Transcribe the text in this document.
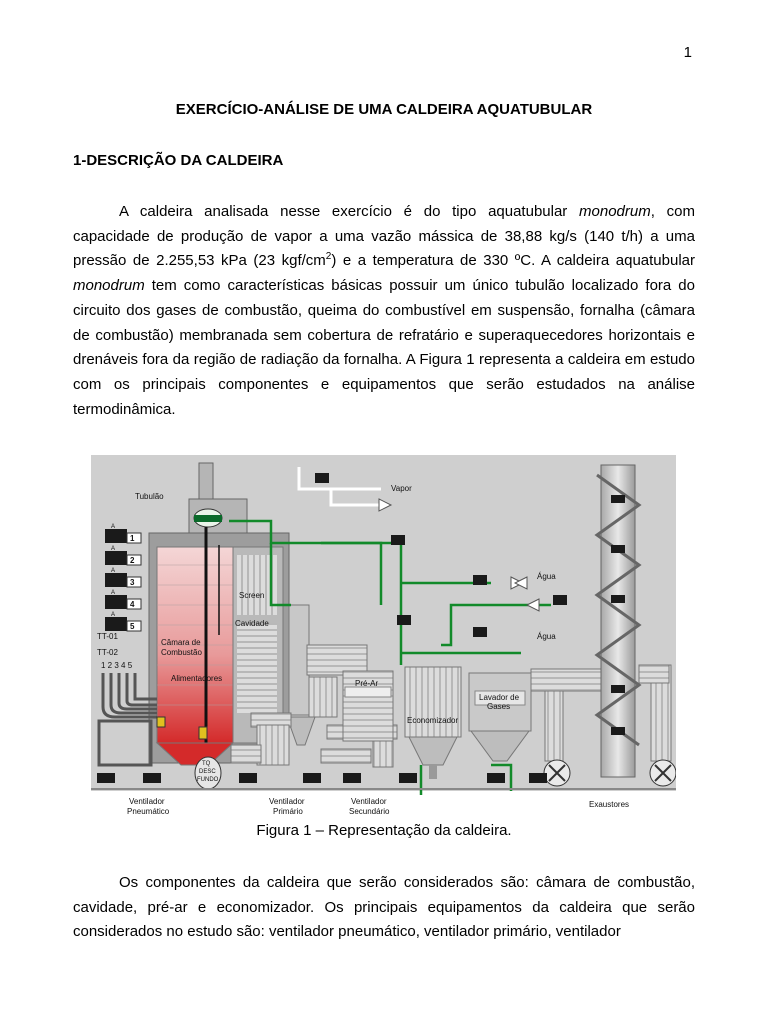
1
EXERCÍCIO-ANÁLISE DE UMA CALDEIRA AQUATUBULAR
1-DESCRIÇÃO DA CALDEIRA
A caldeira analisada nesse exercício é do tipo aquatubular monodrum, com capacidade de produção de vapor a uma vazão mássica de 38,88 kg/s (140 t/h) a uma pressão de 2.255,53 kPa (23 kgf/$cm^2$) e a temperatura de 330 ºC. A caldeira aquatubular monodrum tem como características básicas possuir um único tubulão localizado fora do circuito dos gases de combustão, queima do combustível em suspensão, fornalha (câmara de combustão) membranada sem cobertura de refratário e superaquecedores horizontais e drenáveis fora da região de radiação da fornalha. A Figura 1 representa a caldeira em estudo com os principais componentes e equipamentos que serão estudados na análise termodinâmica.
Tubulão
Vapor
Água
Água
Screen
Cavidade
Câmara de
Combustão
Alimentadores
Pré-Ar
Economizador
Lavador de
Gases
TT-01
TT-02
1 2 3 4 5
TQ
DESC
FUNDO
Ventilador
Pneumático
Ventilador
Primário
Ventilador
Secundário
Exaustores
A
A
A
A
A
1
2
3
4
5
Figura 1 – Representação da caldeira.
Os componentes da caldeira que serão considerados são: câmara de combustão, cavidade, pré-ar e economizador. Os principais equipamentos da caldeira que serão considerados no estudo são: ventilador pneumático, ventilador primário, ventilador
